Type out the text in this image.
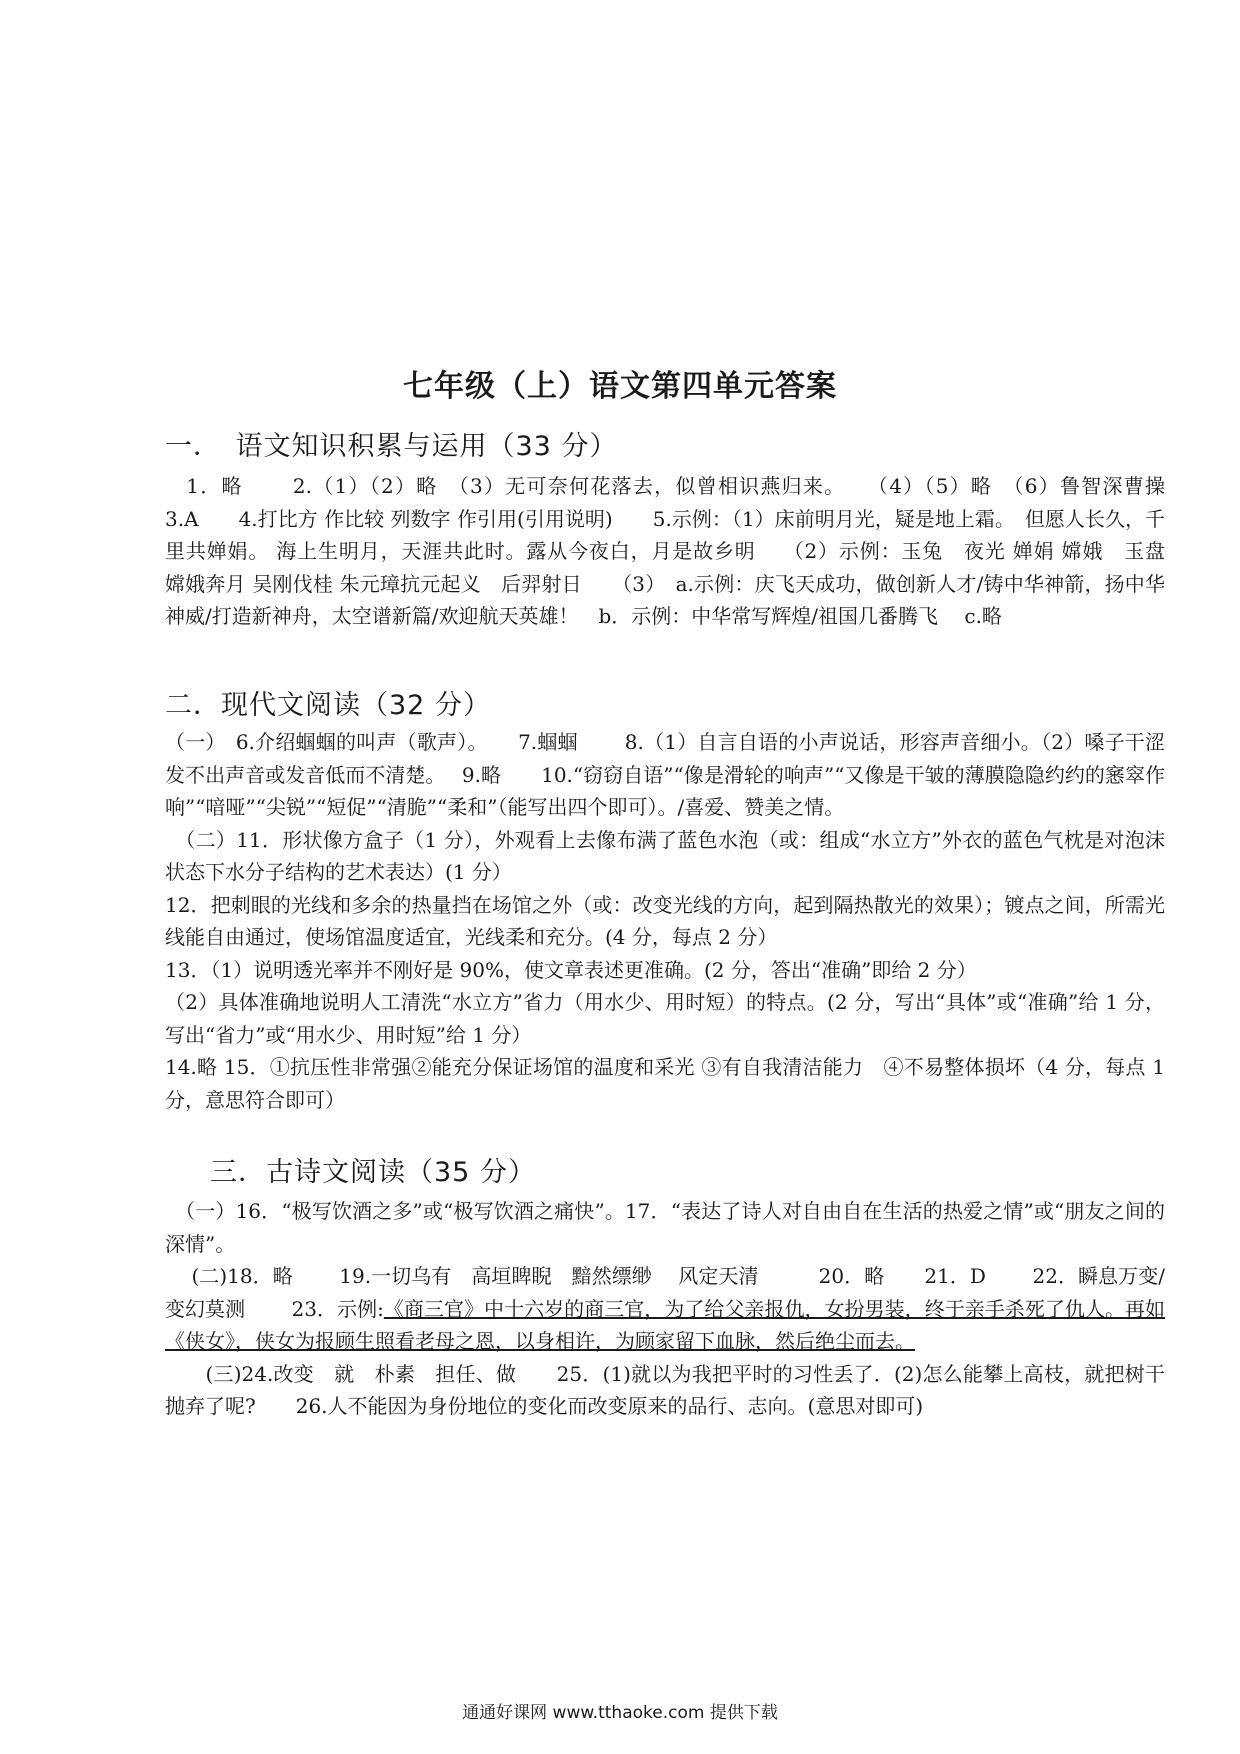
七年级（上）语文第四单元答案
一．　语文知识积累与运用（33 分）

　1．略　　 2.（1）（2）略　（3）无可奈何花落去，似曾相识燕归来。　　（4）（5）略　（6）鲁智深曹操　　 3.A　　4.打比方 作比较 列数字 作引用(引用说明)　　5.示例：（1）床前明月光，疑是地上霜。　但愿人长久，千里共婵娟。 海上生明月，天涯共此时。露从今夜白，月是故乡明　 （2）示例：玉兔　夜光 婵娟 嫦娥　玉盘　　嫦娥奔月 吴刚伐桂 朱元璋抗元起义　后羿射日　　（3）　a.示例：庆飞天成功，做创新人才/铸中华神箭，扬中华神威/打造新神舟，太空谱新篇/欢迎航天英雄！　b．示例：中华常写辉煌/祖国几番腾飞　 c.略

二．现代文阅读（32 分）

（一）　6.介绍蝈蝈的叫声（歌声）。　　7.蝈蝈　　 8.（1）自言自语的小声说话，形容声音细小。（2）嗓子干涩发不出声音或发音低而不清楚。　 9.略　　10.“窃窃自语”“像是滑轮的响声”“又像是干皱的薄膜隐隐约约的窸窣作响”“喑哑”“尖锐”“短促”“清脆”“柔和”（能写出四个即可）。/喜爱、赞美之情。

　（二）11．形状像方盒子（1 分），外观看上去像布满了蓝色水泡（或：组成“水立方”外衣的蓝色气枕是对泡沫状态下水分子结构的艺术表达）(1 分）

12．把刺眼的光线和多余的热量挡在场馆之外（或：改变光线的方向，起到隔热散光的效果）；镀点之间，所需光线能自由通过，使场馆温度适宜，光线柔和充分。(4 分，每点 2 分）

13．（1）说明透光率并不刚好是 90%，使文章表述更准确。(2 分，答出“准确”即给 2 分）

（2）具体准确地说明人工清洗“水立方”省力（用水少、用时短）的特点。(2 分，写出“具体”或“准确”给 1 分，写出“省力”或“用水少、用时短”给 1 分）

14.略 15．①抗压性非常强②能充分保证场馆的温度和采光 ③有自我清洁能力　④不易整体损坏（4 分，每点 1 分，意思符合即可）

三．古诗文阅读（35 分）

　（一）16．“极写饮酒之多”或“极写饮酒之痛快”。17．“表达了诗人对自由自在生活的热爱之情”或“朋友之间的深情”。

　 (二)18．略　　 19.一切乌有　高垣睥睨　黯然缥缈　 风定天清　　　20．略　　21．D　　 22．瞬息万变/变幻莫测　　 23．示例:《商三官》中十六岁的商三官，为了给父亲报仇，女扮男装，终于亲手杀死了仇人。再如《侠女》，侠女为报顾生照看老母之恩，以身相许，为顾家留下血脉，然后绝尘而去。

　　(三)24.改变　就　朴素　担任、做　　25．(1)就以为我把平时的习性丢了．(2)怎么能攀上高枝，就把树干抛弃了呢?　　26.人不能因为身份地位的变化而改变原来的品行、志向。(意思对即可)

通通好课网 www.tthaoke.com 提供下载
